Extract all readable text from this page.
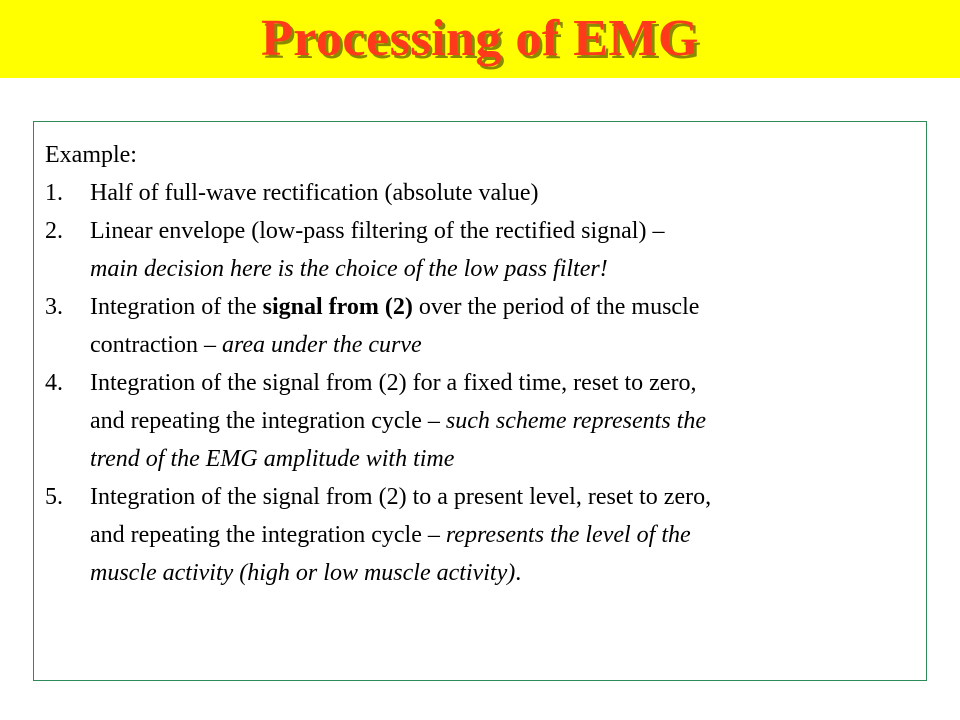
Processing of EMG

Example:

1.	Half of full-wave rectification (absolute value)
2.	Linear envelope (low-pass filtering of the rectified signal) –
main decision here is the choice of the low pass filter!
3.	Integration of the signal from (2) over the period of the muscle
contraction – area under the curve
4.	Integration of the signal from (2) for a fixed time, reset to zero,
and repeating the integration cycle – such scheme represents the
trend of the EMG amplitude with time
5.	Integration of the signal from (2) to a present level, reset to zero,
and repeating the integration cycle – represents the level of the
muscle activity (high or low muscle activity).
